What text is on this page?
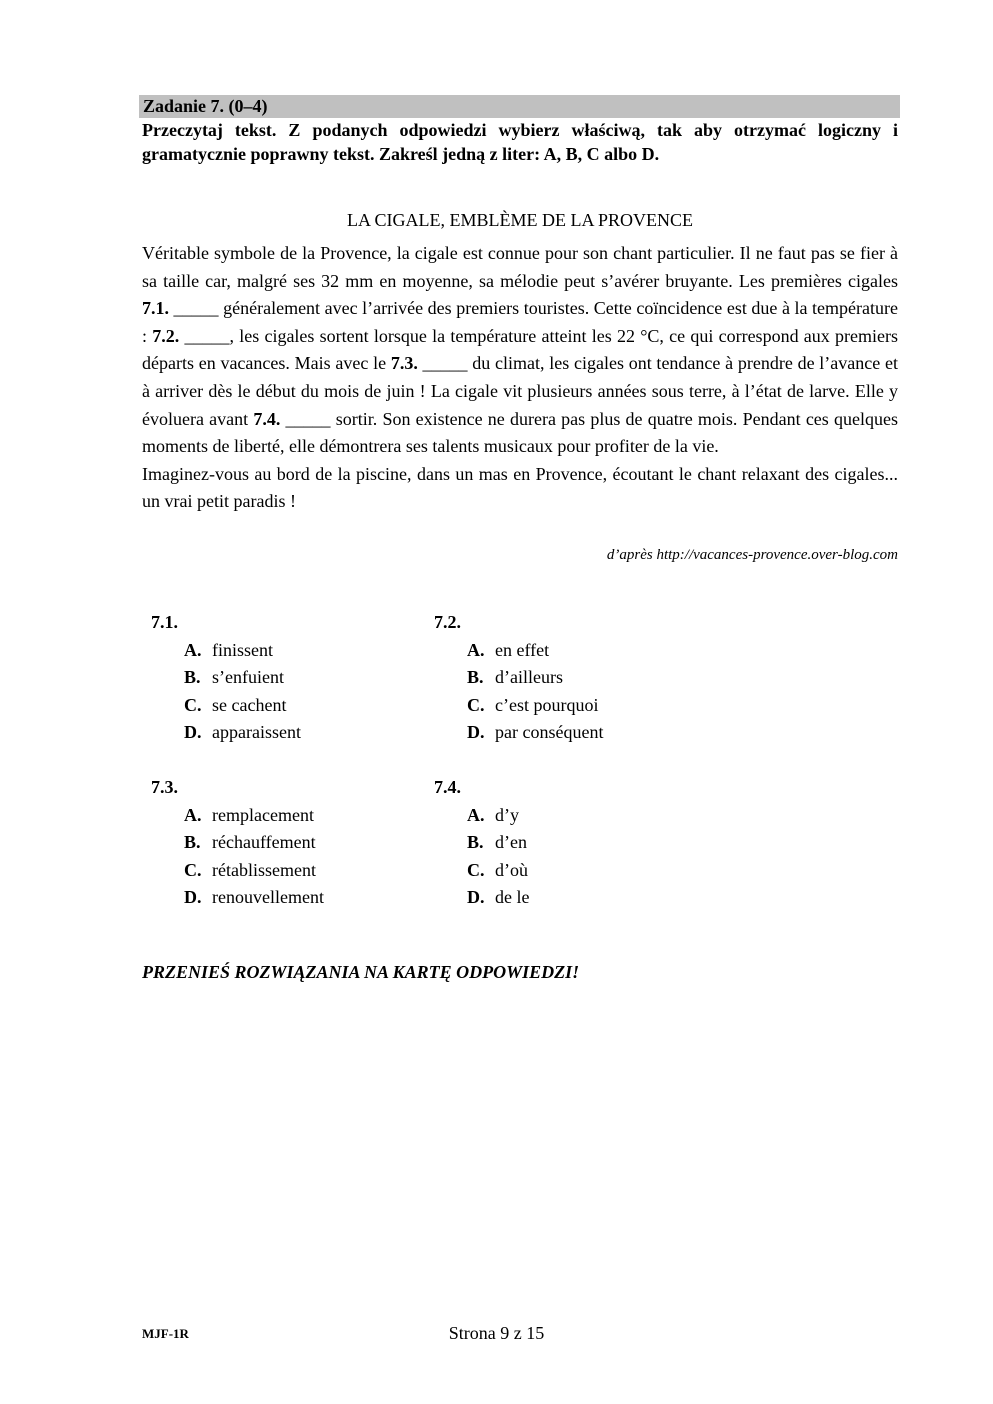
Zadanie 7. (0–4)
Przeczytaj tekst. Z podanych odpowiedzi wybierz właściwą, tak aby otrzymać logiczny i gramatycznie poprawny tekst. Zakreśl jedną z liter: A, B, C albo D.
LA CIGALE, EMBLÈME DE LA PROVENCE

Véritable symbole de la Provence, la cigale est connue pour son chant particulier. Il ne faut pas se fier à sa taille car, malgré ses 32 mm en moyenne, sa mélodie peut s’avérer bruyante. Les premières cigales 7.1. _____ généralement avec l’arrivée des premiers touristes. Cette coïncidence est due à la température : 7.2. _____, les cigales sortent lorsque la température atteint les 22 °C, ce qui correspond aux premiers départs en vacances. Mais avec le 7.3. _____ du climat, les cigales ont tendance à prendre de l’avance et à arriver dès le début du mois de juin ! La cigale vit plusieurs années sous terre, à l’état de larve. Elle y évoluera avant 7.4. _____ sortir. Son existence ne durera pas plus de quatre mois. Pendant ces quelques moments de liberté, elle démontrera ses talents musicaux pour profiter de la vie.

Imaginez-vous au bord de la piscine, dans un mas en Provence, écoutant le chant relaxant des cigales... un vrai petit paradis !

d’après http://vacances-provence.over-blog.com
7.1.
A. finissent
B. s’enfuient
C. se cachent
D. apparaissent
7.2.
A. en effet
B. d’ailleurs
C. c’est pourquoi
D. par conséquent
7.3.
A. remplacement
B. réchauffement
C. rétablissement
D. renouvellement
7.4.
A. d’y
B. d’en
C. d’où
D. de le
PRZENIEŚ ROZWIĄZANIA NA KARTĘ ODPOWIEDZI!
MJF-1R	Strona 9 z 15
